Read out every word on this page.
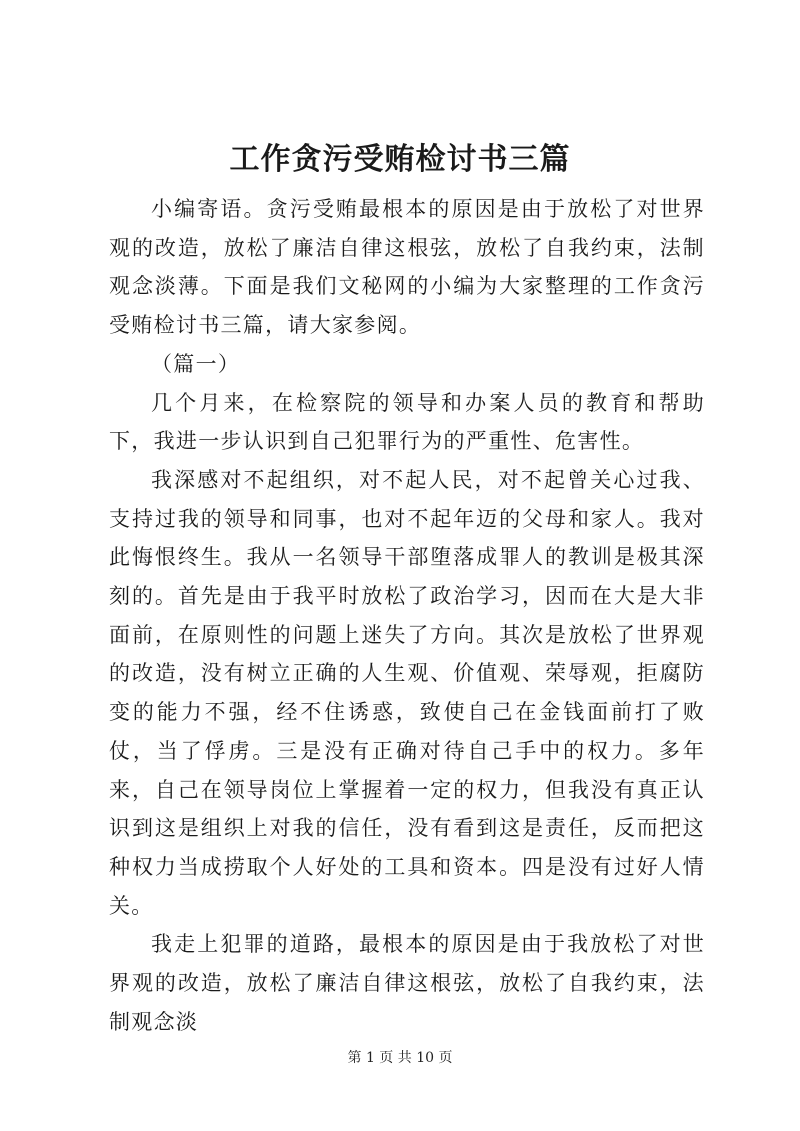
工作贪污受贿检讨书三篇

小编寄语。贪污受贿最根本的原因是由于放松了对世界观的改造，放松了廉洁自律这根弦，放松了自我约束，法制观念淡薄。下面是我们文秘网的小编为大家整理的工作贪污受贿检讨书三篇，请大家参阅。

（篇一）

几个月来，在检察院的领导和办案人员的教育和帮助下，我进一步认识到自己犯罪行为的严重性、危害性。

我深感对不起组织，对不起人民，对不起曾关心过我、支持过我的领导和同事，也对不起年迈的父母和家人。我对此悔恨终生。我从一名领导干部堕落成罪人的教训是极其深刻的。首先是由于我平时放松了政治学习，因而在大是大非面前，在原则性的问题上迷失了方向。其次是放松了世界观的改造，没有树立正确的人生观、价值观、荣辱观，拒腐防变的能力不强，经不住诱惑，致使自己在金钱面前打了败仗，当了俘虏。三是没有正确对待自己手中的权力。多年来，自己在领导岗位上掌握着一定的权力，但我没有真正认识到这是组织上对我的信任，没有看到这是责任，反而把这种权力当成捞取个人好处的工具和资本。四是没有过好人情关。

我走上犯罪的道路，最根本的原因是由于我放松了对世界观的改造，放松了廉洁自律这根弦，放松了自我约束，法制观念淡

第 1 页 共 10 页
